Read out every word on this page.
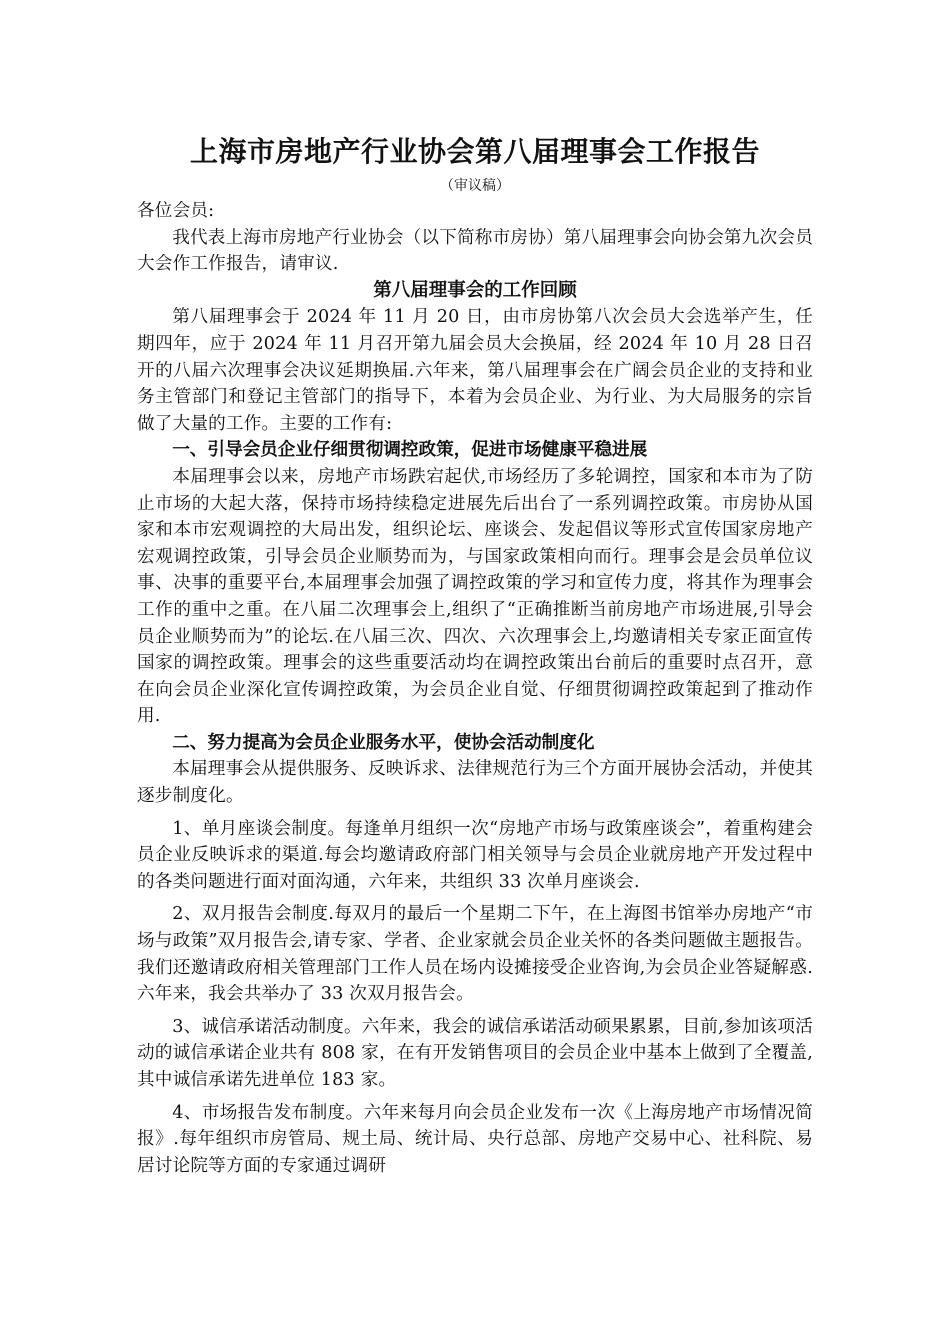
上海市房地产行业协会第八届理事会工作报告
（审议稿）

各位会员:

我代表上海市房地产行业协会（以下简称市房协）第八届理事会向协会第九次会员大会作工作报告，请审议.

第八届理事会的工作回顾

第八届理事会于 2024 年 11 月 20 日，由市房协第八次会员大会选举产生，任期四年，应于 2024 年 11 月召开第九届会员大会换届，经 2024 年 10 月 28 日召开的八届六次理事会决议延期换届.六年来，第八届理事会在广阔会员企业的支持和业务主管部门和登记主管部门的指导下，本着为会员企业、为行业、为大局服务的宗旨做了大量的工作。主要的工作有:

一、引导会员企业仔细贯彻调控政策，促进市场健康平稳进展

本届理事会以来，房地产市场跌宕起伏,市场经历了多轮调控，国家和本市为了防止市场的大起大落，保持市场持续稳定进展先后出台了一系列调控政策。市房协从国家和本市宏观调控的大局出发，组织论坛、座谈会、发起倡议等形式宣传国家房地产宏观调控政策，引导会员企业顺势而为，与国家政策相向而行。理事会是会员单位议事、决事的重要平台,本届理事会加强了调控政策的学习和宣传力度，将其作为理事会工作的重中之重。在八届二次理事会上,组织了“正确推断当前房地产市场进展,引导会员企业顺势而为”的论坛.在八届三次、四次、六次理事会上,均邀请相关专家正面宣传国家的调控政策。理事会的这些重要活动均在调控政策出台前后的重要时点召开，意在向会员企业深化宣传调控政策，为会员企业自觉、仔细贯彻调控政策起到了推动作用.

二、努力提高为会员企业服务水平，使协会活动制度化

本届理事会从提供服务、反映诉求、法律规范行为三个方面开展协会活动，并使其逐步制度化。

1、单月座谈会制度。每逢单月组织一次“房地产市场与政策座谈会”，着重构建会员企业反映诉求的渠道.每会均邀请政府部门相关领导与会员企业就房地产开发过程中的各类问题进行面对面沟通，六年来，共组织 33 次单月座谈会.

2、双月报告会制度.每双月的最后一个星期二下午，在上海图书馆举办房地产“市场与政策”双月报告会,请专家、学者、企业家就会员企业关怀的各类问题做主题报告。我们还邀请政府相关管理部门工作人员在场内设摊接受企业咨询,为会员企业答疑解惑.六年来，我会共举办了 33 次双月报告会。

3、诚信承诺活动制度。六年来，我会的诚信承诺活动硕果累累，目前,参加该项活动的诚信承诺企业共有 808 家，在有开发销售项目的会员企业中基本上做到了全覆盖,其中诚信承诺先进单位 183 家。

4、市场报告发布制度。六年来每月向会员企业发布一次《上海房地产市场情况简报》.每年组织市房管局、规土局、统计局、央行总部、房地产交易中心、社科院、易居讨论院等方面的专家通过调研
